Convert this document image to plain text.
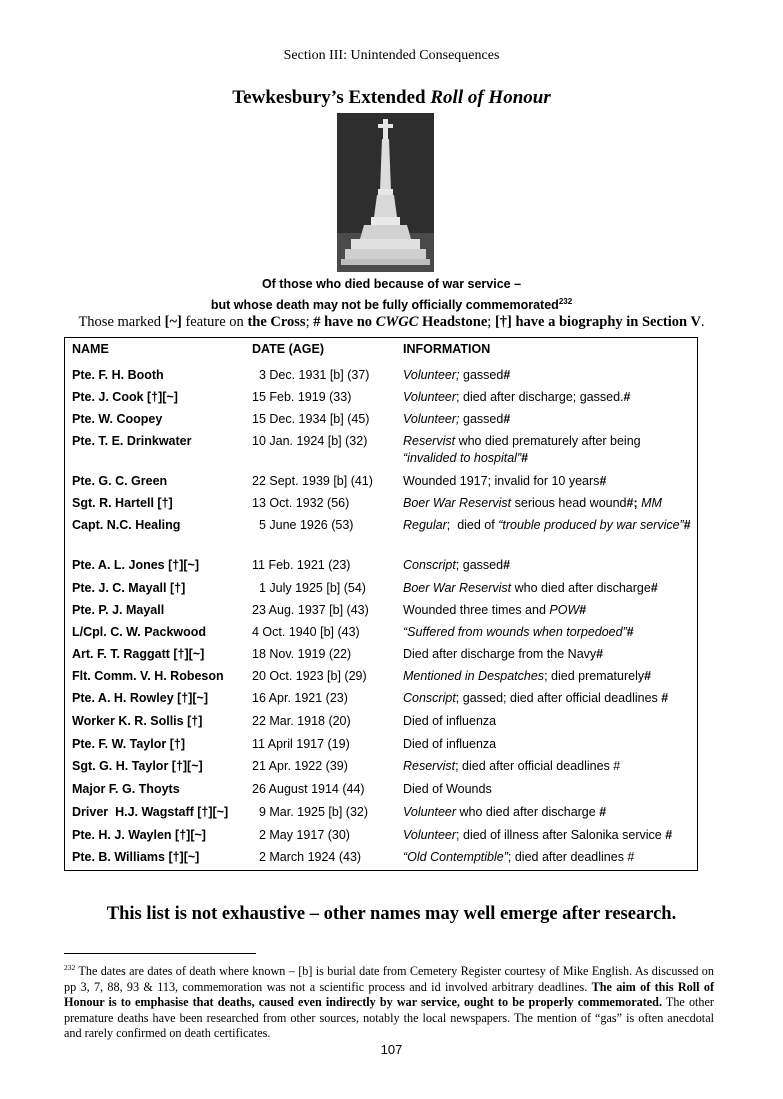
Section III: Unintended Consequences
Tewkesbury’s Extended Roll of Honour
Of those who died because of war service –
but whose death may not be fully officially commemorated$^{232}$
Those marked [~] feature on the Cross; # have no CWGC Headstone; [†] have a biography in Section V.
NAME	DATE (AGE)	INFORMATION
Pte. F. H. Booth	3 Dec. 1931 [b] (37)	Volunteer; gassed#
Pte. J. Cook [†][~]	15 Feb. 1919 (33)	Volunteer; died after discharge; gassed.#
Pte. W. Coopey	15 Dec. 1934 [b] (45)	Volunteer; gassed#
Pte. T. E. Drinkwater	10 Jan. 1924 [b] (32)	Reservist who died prematurely after being “invalided to hospital”#
Pte. G. C. Green	22 Sept. 1939 [b] (41)	Wounded 1917; invalid for 10 years#
Sgt. R. Hartell [†]	13 Oct. 1932 (56)	Boer War Reservist serious head wound#; MM
Capt. N.C. Healing	5 June 1926 (53)	Regular;  died of “trouble produced by war service”#
Pte. A. L. Jones [†][~]	11 Feb. 1921 (23)	Conscript; gassed#
Pte. J. C. Mayall [†]	1 July 1925 [b] (54)	Boer War Reservist who died after discharge#
Pte. P. J. Mayall	23 Aug. 1937 [b] (43)	Wounded three times and POW#
L/Cpl. C. W. Packwood	4 Oct. 1940 [b] (43)	“Suffered from wounds when torpedoed”#
Art. F. T. Raggatt [†][~]	18 Nov. 1919 (22)	Died after discharge from the Navy#
Flt. Comm. V. H. Robeson	20 Oct. 1923 [b] (29)	Mentioned in Despatches; died prematurely#
Pte. A. H. Rowley [†][~]	16 Apr. 1921 (23)	Conscript; gassed; died after official deadlines #
Worker K. R. Sollis [†]	22 Mar. 1918 (20)	Died of influenza
Pte. F. W. Taylor [†]	11 April 1917 (19)	Died of influenza
Sgt. G. H. Taylor [†][~]	21 Apr. 1922 (39)	Reservist; died after official deadlines #
Major F. G. Thoyts	26 August 1914 (44)	Died of Wounds
Driver  H.J. Wagstaff [†][~]	9 Mar. 1925 [b] (32)	Volunteer who died after discharge #
Pte. H. J. Waylen [†][~]	2 May 1917 (30)	Volunteer; died of illness after Salonika service #
Pte. B. Williams [†][~]	2 March 1924 (43)	“Old Contemptible”; died after deadlines #
This list is not exhaustive – other names may well emerge after research.
$^{232}$ The dates are dates of death where known – [b] is burial date from Cemetery Register courtesy of Mike English. As discussed on pp 3, 7, 88, 93 & 113, commemoration was not a scientific process and id involved arbitrary deadlines. The aim of this Roll of Honour is to emphasise that deaths, caused even indirectly by war service, ought to be properly commemorated. The other premature deaths have been researched from other sources, notably the local newspapers. The mention of “gas” is often anecdotal and rarely confirmed on death certificates.
107
